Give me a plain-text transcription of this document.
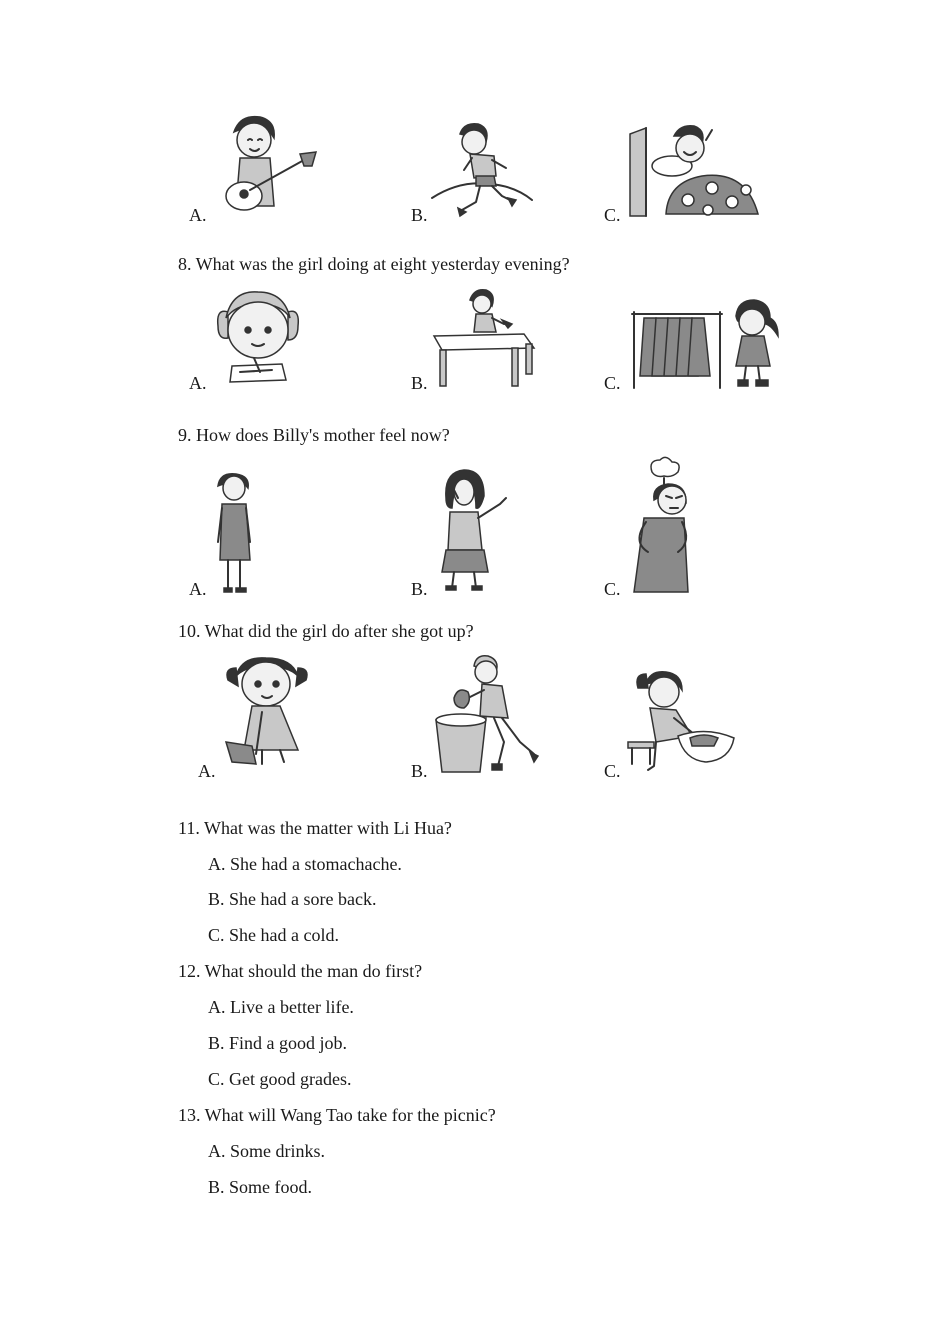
A.	B.	C.
8. What was the girl doing at eight yesterday evening?
A.	B.	C.
9. How does Billy's mother feel now?
A.	B.	C.
10. What did the girl do after she got up?
A.	B.	C.
11. What was the matter with Li Hua?
A. She had a stomachache.
B. She had a sore back.
C. She had a cold.
12. What should the man do first?
A. Live a better life.
B. Find a good job.
C. Get good grades.
13. What will Wang Tao take for the picnic?
A. Some drinks.
B. Some food.
